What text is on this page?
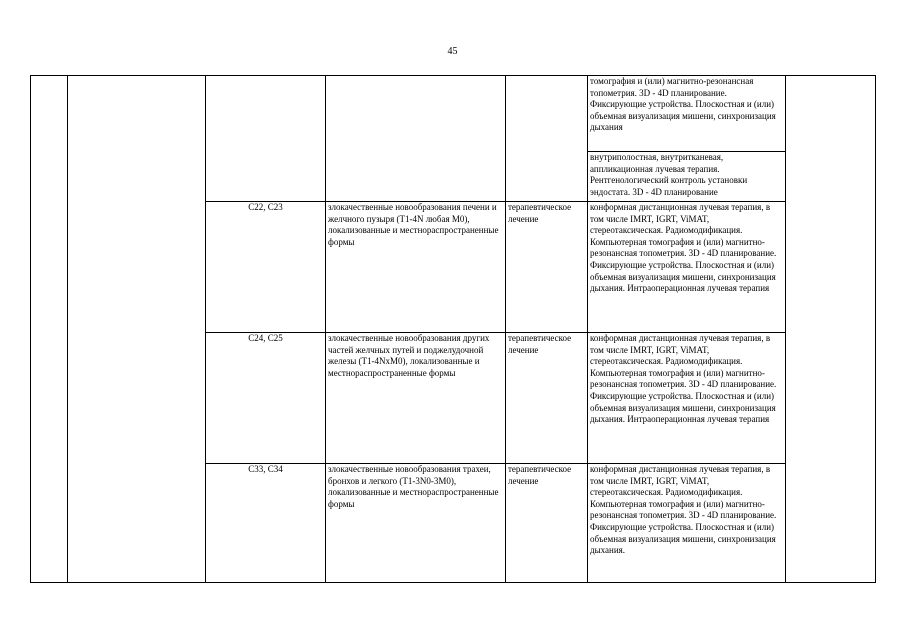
45
					томография и (или) магнитно-резонансная топометрия. 3D - 4D планирование. Фиксирующие устройства. Плоскостная и (или) объемная визуализация мишени, синхронизация дыхания	
					внутриполостная, внутритканевая, аппликационная лучевая терапия. Рентгенологический контроль установки эндостата. 3D - 4D планирование	
		C22, C23	злокачественные новообразования печени и желчного пузыря (T1-4N любая M0), локализованные и местнораспространенные формы	терапевтическое лечение	конформная дистанционная лучевая терапия, в том числе IMRT, IGRT, ViMAT, стереотаксическая. Радиомодификация. Компьютерная томография и (или) магнитно-резонансная топометрия. 3D - 4D планирование. Фиксирующие устройства. Плоскостная и (или) объемная визуализация мишени, синхронизация дыхания. Интраоперационная лучевая терапия	
		C24, C25	злокачественные новообразования других частей желчных путей и поджелудочной железы (T1-4NxM0), локализованные и местнораспространенные формы	терапевтическое лечение	конформная дистанционная лучевая терапия, в том числе IMRT, IGRT, ViMAT, стереотаксическая. Радиомодификация. Компьютерная томография и (или) магнитно-резонансная топометрия. 3D - 4D планирование. Фиксирующие устройства. Плоскостная и (или) объемная визуализация мишени, синхронизация дыхания. Интраоперационная лучевая терапия	
		C33, C34	злокачественные новообразования трахеи, бронхов и легкого (T1-3N0-3M0), локализованные и местнораспространенные формы	терапевтическое лечение	конформная дистанционная лучевая терапия, в том числе IMRT, IGRT, ViMAT, стереотаксическая. Радиомодификация. Компьютерная томография и (или) магнитно-резонансная топометрия. 3D - 4D планирование. Фиксирующие устройства. Плоскостная и (или) объемная визуализация мишени, синхронизация дыхания.	
